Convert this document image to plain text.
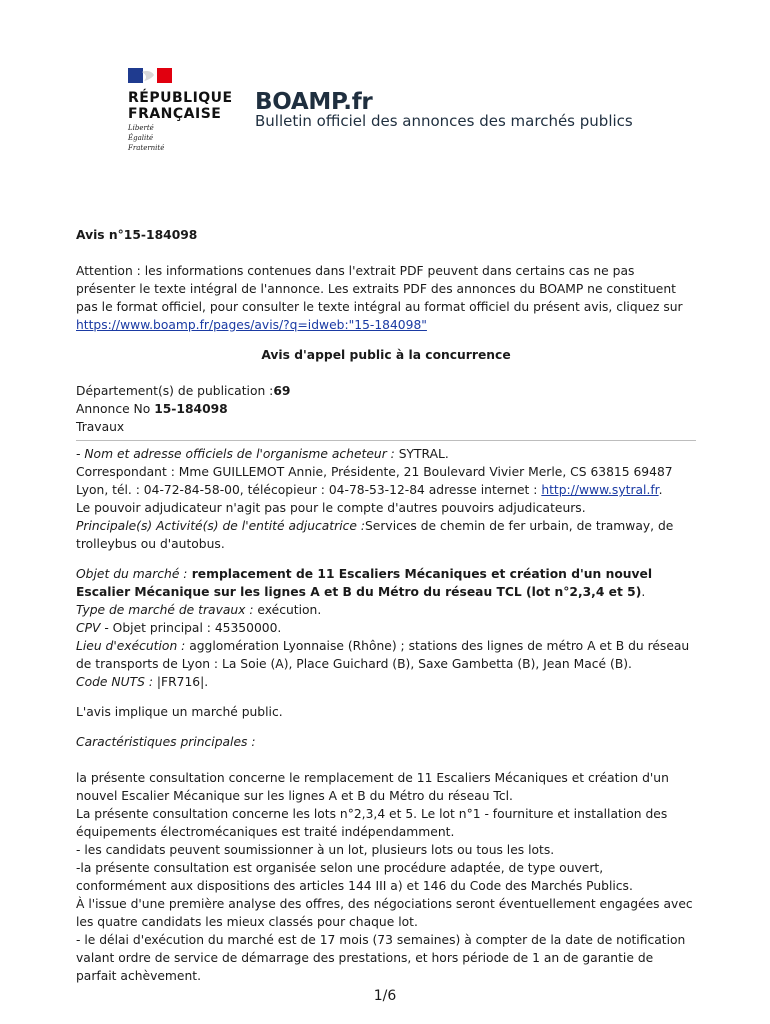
RÉPUBLIQUE
FRANÇAISE
Liberté
Égalité
Fraternité
BOAMP.fr
Bulletin officiel des annonces des marchés publics

Avis n°15-184098

Attention : les informations contenues dans l'extrait PDF peuvent dans certains cas ne pas présenter le texte intégral de l'annonce. Les extraits PDF des annonces du BOAMP ne constituent pas le format officiel, pour consulter le texte intégral au format officiel du présent avis, cliquez sur https://www.boamp.fr/pages/avis/?q=idweb:"15-184098"

Avis d'appel public à la concurrence

Département(s) de publication :69

Annonce No 15-184098

Travaux

- Nom et adresse officiels de l'organisme acheteur : SYTRAL.

Correspondant : Mme GUILLEMOT Annie, Présidente, 21 Boulevard Vivier Merle, CS 63815 69487 Lyon, tél. : 04-72-84-58-00, télécopieur : 04-78-53-12-84 adresse internet : http://www.sytral.fr.

Le pouvoir adjudicateur n'agit pas pour le compte d'autres pouvoirs adjudicateurs.

Principale(s) Activité(s) de l'entité adjucatrice :Services de chemin de fer urbain, de tramway, de trolleybus ou d'autobus.

Objet du marché : remplacement de 11 Escaliers Mécaniques et création d'un nouvel Escalier Mécanique sur les lignes A et B du Métro du réseau TCL (lot n°2,3,4 et 5).

Type de marché de travaux : exécution.

CPV - Objet principal : 45350000.

Lieu d'exécution : agglomération Lyonnaise (Rhône) ; stations des lignes de métro A et B du réseau de transports de Lyon : La Soie (A), Place Guichard (B), Saxe Gambetta (B), Jean Macé (B).

Code NUTS : |FR716|.

L'avis implique un marché public.

Caractéristiques principales :

la présente consultation concerne le remplacement de 11 Escaliers Mécaniques et création d'un nouvel Escalier Mécanique sur les lignes A et B du Métro du réseau Tcl.

La présente consultation concerne les lots n°2,3,4 et 5. Le lot n°1 - fourniture et installation des équipements électromécaniques est traité indépendamment.

- les candidats peuvent soumissionner à un lot, plusieurs lots ou tous les lots.

-la présente consultation est organisée selon une procédure adaptée, de type ouvert, conformément aux dispositions des articles 144 III a) et 146 du Code des Marchés Publics.

À l'issue d'une première analyse des offres, des négociations seront éventuellement engagées avec les quatre candidats les mieux classés pour chaque lot.

- le délai d'exécution du marché est de 17 mois (73 semaines) à compter de la date de notification valant ordre de service de démarrage des prestations, et hors période de 1 an de garantie de parfait achèvement.

1/6
